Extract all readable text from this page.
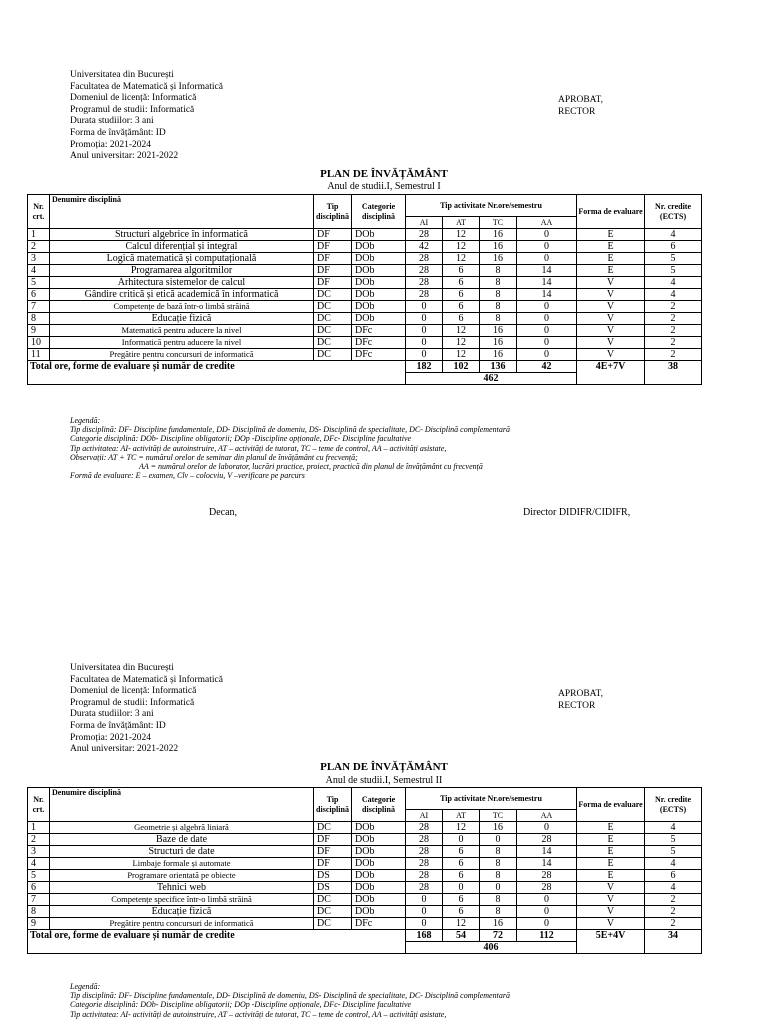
Universitatea din București
Facultatea de Matematică și Informatică
Domeniul de licență: Informatică
Programul de studii: Informatică
Durata studiilor: 3 ani
Forma de învățământ: ID
Promoția: 2021-2024
Anul universitar: 2021-2022
APROBAT,
RECTOR
PLAN DE ÎNVĂȚĂMÂNT
Anul de studii.I, Semestrul I
Nr. crt.	Denumire disciplină	Tip disciplină	Categorie disciplină	Tip activitate Nr.ore/semestru				Forma de evaluare	Nr. credite (ECTS)
				AI	AT	TC	AA		
1	Structuri algebrice în informatică	DF	DOb	28	12	16	0	E	4
2	Calcul diferențial și integral	DF	DOb	42	12	16	0	E	6
3	Logică matematică și computațională	DF	DOb	28	12	16	0	E	5
4	Programarea algoritmilor	DF	DOb	28	6	8	14	E	5
5	Arhitectura sistemelor de calcul	DF	DOb	28	6	8	14	V	4
6	Gândire critică și etică academică în informatică	DC	DOb	28	6	8	14	V	4
7	Competențe de bază într-o limbă străină	DC	DOb	0	6	8	0	V	2
8	Educație fizică	DC	DOb	0	6	8	0	V	2
9	Matematică pentru aducere la nivel	DC	DFc	0	12	16	0	V	2
10	Informatică pentru aducere la nivel	DC	DFc	0	12	16	0	V	2
11	Pregătire pentru concursuri de informatică	DC	DFc	0	12	16	0	V	2
Total ore, forme de evaluare și număr de credite				182	102	136	42	4E+7V	38
				462					
Legendă:
Tip disciplină: DF- Discipline fundamentale, DD- Disciplină de domeniu, DS- Disciplină de specialitate, DC- Disciplină complementară
Categorie disciplină: DOb- Discipline obligatorii; DOp -Discipline opționale, DFc- Discipline facultative
Tip activitatea: AI- activități de autoinstruire, AT – activități de tutorat, TC – teme de control, AA – activități asistate,
Observații: AT + TC = numărul orelor de seminar din planul de învățământ cu frecvență;
AA = numărul orelor de laborator, lucrări practice, proiect, practică din planul de învățământ cu frecvență
Formă de evaluare: E – examen, Clv – colocviu, V –verificare pe parcurs
Decan,	Director DIDIFR/CIDIFR,
Universitatea din București
Facultatea de Matematică și Informatică
Domeniul de licență: Informatică
Programul de studii: Informatică
Durata studiilor: 3 ani
Forma de învățământ: ID
Promoția: 2021-2024
Anul universitar: 2021-2022
APROBAT,
RECTOR
PLAN DE ÎNVĂȚĂMÂNT
Anul de studii.I, Semestrul II
Nr. crt.	Denumire disciplină	Tip disciplină	Categorie disciplină	Tip activitate Nr.ore/semestru				Forma de evaluare	Nr. credite (ECTS)
				AI	AT	TC	AA		
1	Geometrie și algebră liniară	DC	DOb	28	12	16	0	E	4
2	Baze de date	DF	DOb	28	0	0	28	E	5
3	Structuri de date	DF	DOb	28	6	8	14	E	5
4	Limbaje formale și automate	DF	DOb	28	6	8	14	E	4
5	Programare orientată pe obiecte	DS	DOb	28	6	8	28	E	6
6	Tehnici web	DS	DOb	28	0	0	28	V	4
7	Competențe specifice într-o limbă străină	DC	DOb	0	6	8	0	V	2
8	Educație fizică	DC	DOb	0	6	8	0	V	2
9	Pregătire pentru concursuri de informatică	DC	DFc	0	12	16	0	V	2
Total ore, forme de evaluare și număr de credite				168	54	72	112	5E+4V	34
				406					
Legendă:
Tip disciplină: DF- Discipline fundamentale, DD- Disciplină de domeniu, DS- Disciplină de specialitate, DC- Disciplină complementară
Categorie disciplină: DOb- Discipline obligatorii; DOp -Discipline opționale, DFc- Discipline facultative
Tip activitatea: AI- activități de autoinstruire, AT – activități de tutorat, TC – teme de control, AA – activități asistate,
